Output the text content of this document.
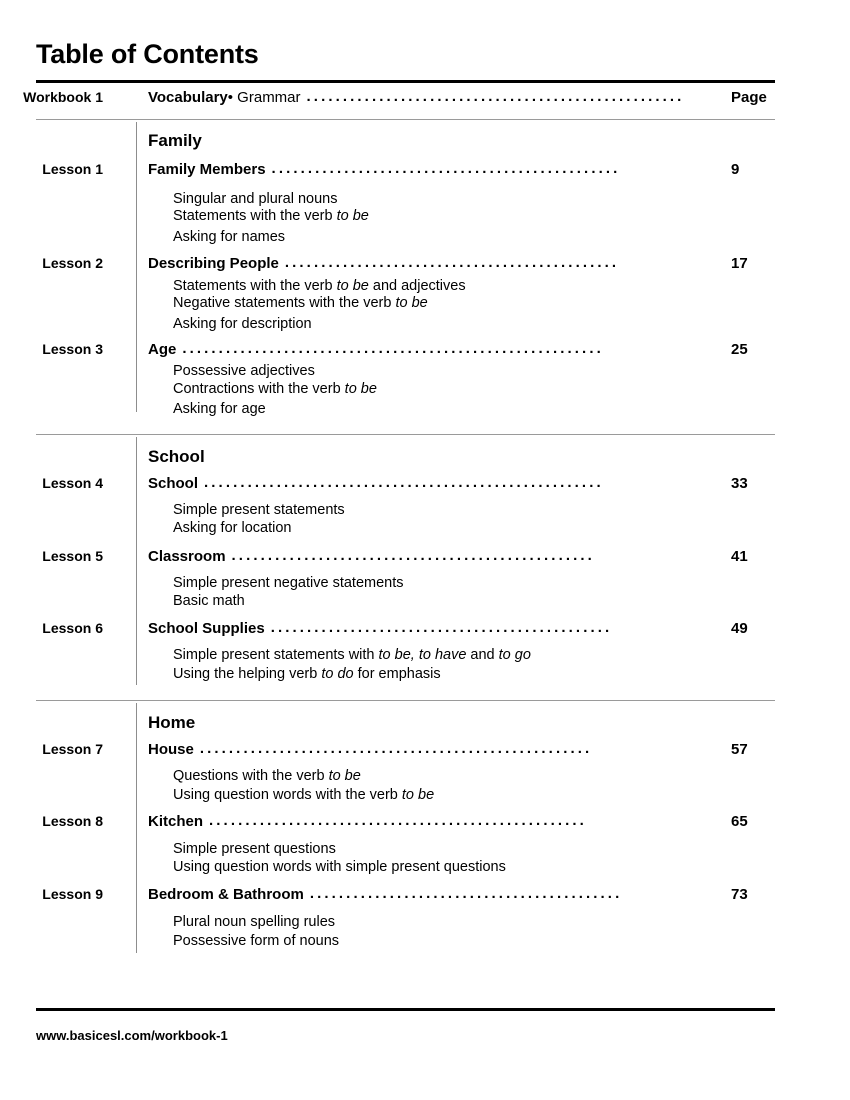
Table of Contents
Workbook 1	Vocabulary• Grammar ....................................................	Page
Family
Lesson 1	Family Members ................................................	9
Singular and plural nouns
Statements with the verb to be
Asking for names
Lesson 2	Describing People ..............................................	17
Statements with the verb to be and adjectives
Negative statements with the verb to be
Asking for description
Lesson 3	Age ..........................................................	25
Possessive adjectives
Contractions with the verb to be
Asking for age
School
Lesson 4	School .......................................................	33
Simple present statements
Asking for location
Lesson 5	Classroom ..................................................	41
Simple present negative statements
Basic math
Lesson 6	School Supplies ...............................................	49
Simple present statements with to be, to have and to go
Using the helping verb to do for emphasis
Home
Lesson 7	House ......................................................	57
Questions with the verb to be
Using question words with the verb to be
Lesson 8	Kitchen ....................................................	65
Simple present questions
Using question words with simple present questions
Lesson 9	Bedroom & Bathroom ...........................................	73
Plural noun spelling rules
Possessive form of nouns
www.basicesl.com/workbook-1
